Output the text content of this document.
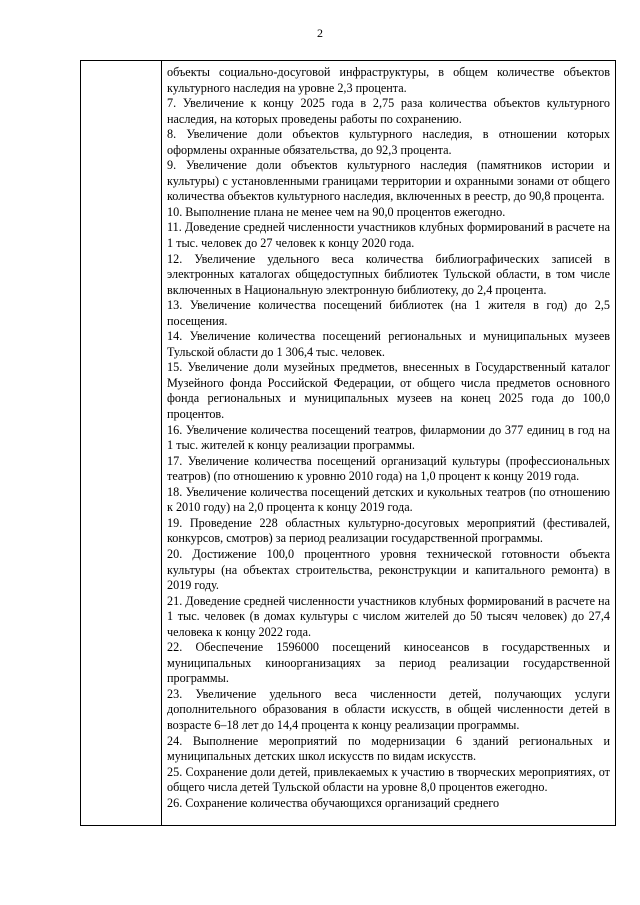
2

объекты социально-досуговой инфраструктуры, в общем количестве объектов культурного наследия на уровне 2,3 процента.

7. Увеличение к концу 2025 года в 2,75 раза количества объектов культурного наследия, на которых проведены работы по сохранению.

8. Увеличение доли объектов культурного наследия, в отношении которых оформлены охранные обязательства, до 92,3 процента.

9. Увеличение доли объектов культурного наследия (памятников истории и культуры) с установленными границами территории и охранными зонами от общего количества объектов культурного наследия, включенных в реестр, до 90,8 процента.

10. Выполнение плана не менее чем на 90,0 процентов ежегодно.

11. Доведение средней численности участников клубных формирований в расчете на 1 тыс. человек до 27 человек к концу 2020 года.

12. Увеличение удельного веса количества библиографических записей в электронных каталогах общедоступных библиотек Тульской области, в том числе включенных в Национальную электронную библиотеку, до 2,4 процента.

13. Увеличение количества посещений библиотек (на 1 жителя в год) до 2,5 посещения.

14. Увеличение количества посещений региональных и муниципальных музеев Тульской области до 1 306,4 тыс. человек.

15. Увеличение доли музейных предметов, внесенных в Государственный каталог Музейного фонда Российской Федерации, от общего числа предметов основного фонда региональных и муниципальных музеев на конец 2025 года до 100,0 процентов.

16. Увеличение количества посещений театров, филармонии до 377 единиц в год на 1 тыс. жителей к концу реализации программы.

17. Увеличение количества посещений организаций культуры (профессиональных театров) (по отношению к уровню 2010 года) на 1,0 процент к концу 2019 года.

18. Увеличение количества посещений детских и кукольных театров (по отношению к 2010 году) на 2,0 процента к концу 2019 года.

19. Проведение 228 областных культурно-досуговых мероприятий (фестивалей, конкурсов, смотров) за период реализации государственной программы.

20. Достижение 100,0 процентного уровня технической готовности объекта культуры (на объектах строительства, реконструкции и капитального ремонта) в 2019 году.

21. Доведение средней численности участников клубных формирований в расчете на 1 тыс. человек (в домах культуры с числом жителей до 50 тысяч человек) до 27,4 человека к концу 2022 года.

22. Обеспечение 1596000 посещений киносеансов в государственных и муниципальных киноорганизациях за период реализации государственной программы.

23. Увеличение удельного веса численности детей, получающих услуги дополнительного образования в области искусств, в общей численности детей в возрасте 6–18 лет до 14,4 процента к концу реализации программы.

24. Выполнение мероприятий по модернизации 6 зданий региональных и муниципальных детских школ искусств по видам искусств.

25. Сохранение доли детей, привлекаемых к участию в творческих мероприятиях, от общего числа детей Тульской области на уровне 8,0 процентов ежегодно.

26. Сохранение количества обучающихся организаций среднего
